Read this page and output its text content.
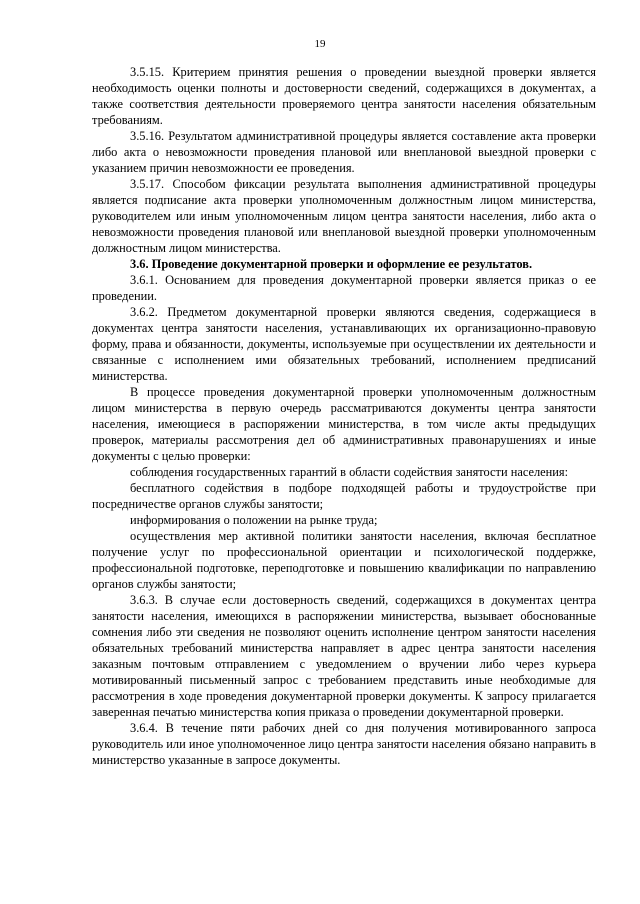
19

3.5.15. Критерием принятия решения о проведении выездной проверки является необходимость оценки полноты и достоверности сведений, содержащихся в документах, а также соответствия деятельности проверяемого центра занятости населения обязательным требованиям.

3.5.16. Результатом административной процедуры является составление акта проверки либо акта о невозможности проведения плановой или внеплановой выездной проверки с указанием причин невозможности ее проведения.

3.5.17. Способом фиксации результата выполнения административной процедуры является подписание акта проверки уполномоченным должностным лицом министерства, руководителем или иным уполномоченным лицом центра занятости населения, либо акта о невозможности проведения плановой или внеплановой выездной проверки уполномоченным должностным лицом министерства.

3.6. Проведение документарной проверки и оформление ее результатов.

3.6.1. Основанием для проведения документарной проверки является приказ о ее проведении.

3.6.2. Предметом документарной проверки являются сведения, содержащиеся в документах центра занятости населения, устанавливающих их организационно-правовую форму, права и обязанности, документы, используемые при осуществлении их деятельности и связанные с исполнением ими обязательных требований, исполнением предписаний министерства.

В процессе проведения документарной проверки уполномоченным должностным лицом министерства в первую очередь рассматриваются документы центра занятости населения, имеющиеся в распоряжении министерства, в том числе акты предыдущих проверок, материалы рассмотрения дел об административных правонарушениях и иные документы с целью проверки:

соблюдения государственных гарантий в области содействия занятости населения:

бесплатного содействия в подборе подходящей работы и трудоустройстве при посредничестве органов службы занятости;

информирования о положении на рынке труда;

осуществления мер активной политики занятости населения, включая бесплатное получение услуг по профессиональной ориентации и психологической поддержке, профессиональной подготовке, переподготовке и повышению квалификации по направлению органов службы занятости;

3.6.3. В случае если достоверность сведений, содержащихся в документах центра занятости населения, имеющихся в распоряжении министерства, вызывает обоснованные сомнения либо эти сведения не позволяют оценить исполнение центром занятости населения обязательных требований министерства направляет в адрес центра занятости населения заказным почтовым отправлением с уведомлением о вручении либо через курьера мотивированный письменный запрос с требованием представить иные необходимые для рассмотрения в ходе проведения документарной проверки документы. К запросу прилагается заверенная печатью министерства копия приказа о проведении документарной проверки.

3.6.4. В течение пяти рабочих дней со дня получения мотивированного запроса руководитель или иное уполномоченное лицо центра занятости населения обязано направить в министерство указанные в запросе документы.
